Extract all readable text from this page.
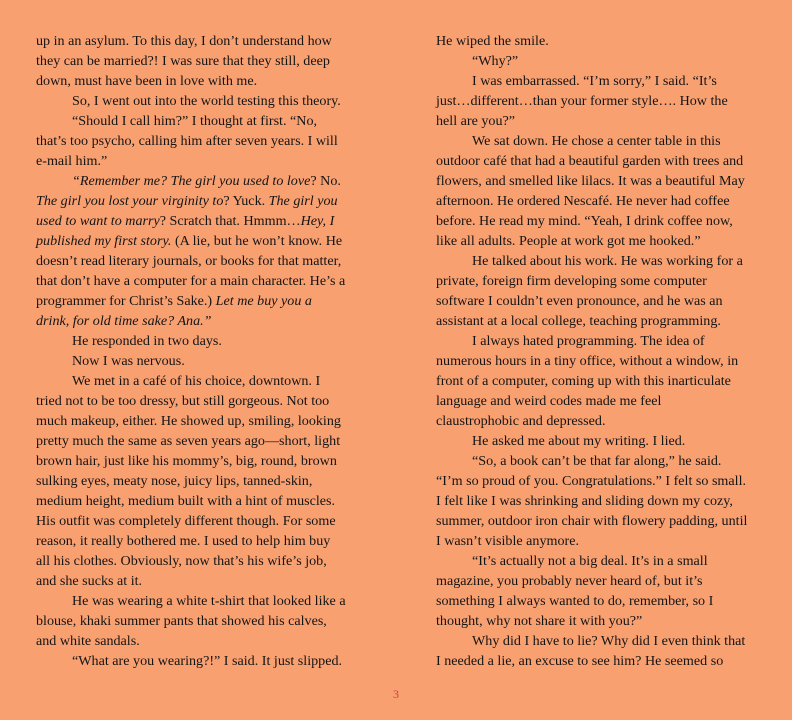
up in an asylum. To this day, I don’t understand how

they can be married?! I was sure that they still, deep

down, must have been in love with me.

So, I went out into the world testing this theory.

“Should I call him?” I thought at first. “No,

that’s too psycho, calling him after seven years. I will

e-mail him.”

“Remember me? The girl you used to love? No.

The girl you lost your virginity to? Yuck. The girl you

used to want to marry? Scratch that. Hmmm…Hey, I

published my first story. (A lie, but he won’t know. He

doesn’t read literary journals, or books for that matter,

that don’t have a computer for a main character. He’s a

programmer for Christ’s Sake.) Let me buy you a

drink, for old time sake? Ana.”

He responded in two days.

Now I was nervous.

We met in a café of his choice, downtown. I

tried not to be too dressy, but still gorgeous. Not too

much makeup, either. He showed up, smiling, looking

pretty much the same as seven years ago—short, light

brown hair, just like his mommy’s, big, round, brown

sulking eyes, meaty nose, juicy lips, tanned-skin,

medium height, medium built with a hint of muscles.

His outfit was completely different though. For some

reason, it really bothered me. I used to help him buy

all his clothes. Obviously, now that’s his wife’s job,

and she sucks at it.

He was wearing a white t-shirt that looked like a

blouse, khaki summer pants that showed his calves,

and white sandals.

“What are you wearing?!” I said. It just slipped.

He wiped the smile.

“Why?”

I was embarrassed. “I’m sorry,” I said. “It’s

just…different…than your former style…. How the

hell are you?”

We sat down. He chose a center table in this

outdoor café that had a beautiful garden with trees and

flowers, and smelled like lilacs. It was a beautiful May

afternoon. He ordered Nescafé. He never had coffee

before. He read my mind. “Yeah, I drink coffee now,

like all adults. People at work got me hooked.”

He talked about his work. He was working for a

private, foreign firm developing some computer

software I couldn’t even pronounce, and he was an

assistant at a local college, teaching programming.

I always hated programming. The idea of

numerous hours in a tiny office, without a window, in

front of a computer, coming up with this inarticulate

language and weird codes made me feel

claustrophobic and depressed.

He asked me about my writing. I lied.

“So, a book can’t be that far along,” he said.

“I’m so proud of you. Congratulations.” I felt so small.

I felt like I was shrinking and sliding down my cozy,

summer, outdoor iron chair with flowery padding, until

I wasn’t visible anymore.

“It’s actually not a big deal. It’s in a small

magazine, you probably never heard of, but it’s

something I always wanted to do, remember, so I

thought, why not share it with you?”

Why did I have to lie? Why did I even think that

I needed a lie, an excuse to see him? He seemed so

3
